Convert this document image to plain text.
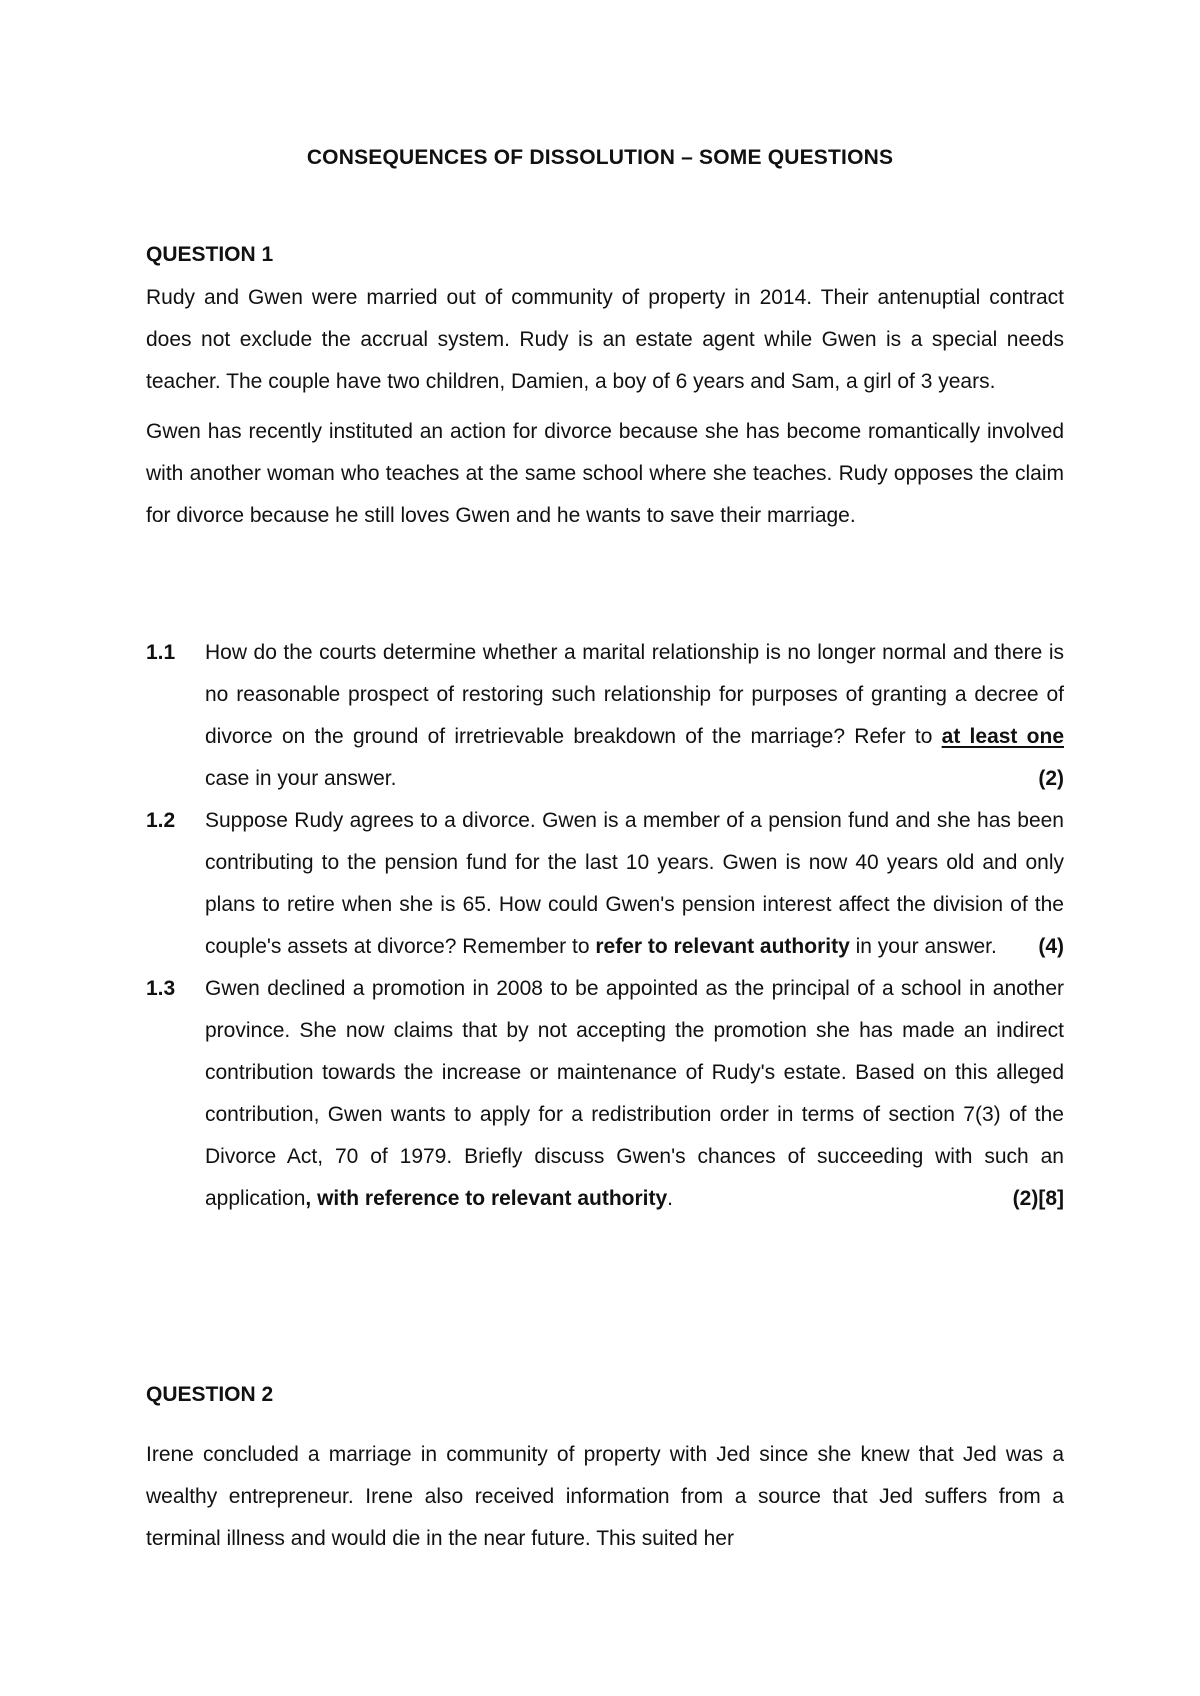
CONSEQUENCES OF DISSOLUTION – SOME QUESTIONS
QUESTION 1

Rudy and Gwen were married out of community of property in 2014. Their antenuptial contract does not exclude the accrual system. Rudy is an estate agent while Gwen is a special needs teacher. The couple have two children, Damien, a boy of 6 years and Sam, a girl of 3 years.

Gwen has recently instituted an action for divorce because she has become romantically involved with another woman who teaches at the same school where she teaches. Rudy opposes the claim for divorce because he still loves Gwen and he wants to save their marriage.

1.1 How do the courts determine whether a marital relationship is no longer normal and there is no reasonable prospect of restoring such relationship for purposes of granting a decree of divorce on the ground of irretrievable breakdown of the marriage? Refer to at least one case in your answer.	(2)
1.2 Suppose Rudy agrees to a divorce. Gwen is a member of a pension fund and she has been contributing to the pension fund for the last 10 years. Gwen is now 40 years old and only plans to retire when she is 65. How could Gwen's pension interest affect the division of the couple's assets at divorce? Remember to refer to relevant authority in your answer. (4)
1.3 Gwen declined a promotion in 2008 to be appointed as the principal of a school in another province. She now claims that by not accepting the promotion she has made an indirect contribution towards the increase or maintenance of Rudy's estate. Based on this alleged contribution, Gwen wants to apply for a redistribution order in terms of section 7(3) of the Divorce Act, 70 of 1979. Briefly discuss Gwen's chances of succeeding with such an application, with reference to relevant authority.	(2)[8]
QUESTION 2

Irene concluded a marriage in community of property with Jed since she knew that Jed was a wealthy entrepreneur. Irene also received information from a source that Jed suffers from a terminal illness and would die in the near future. This suited her
